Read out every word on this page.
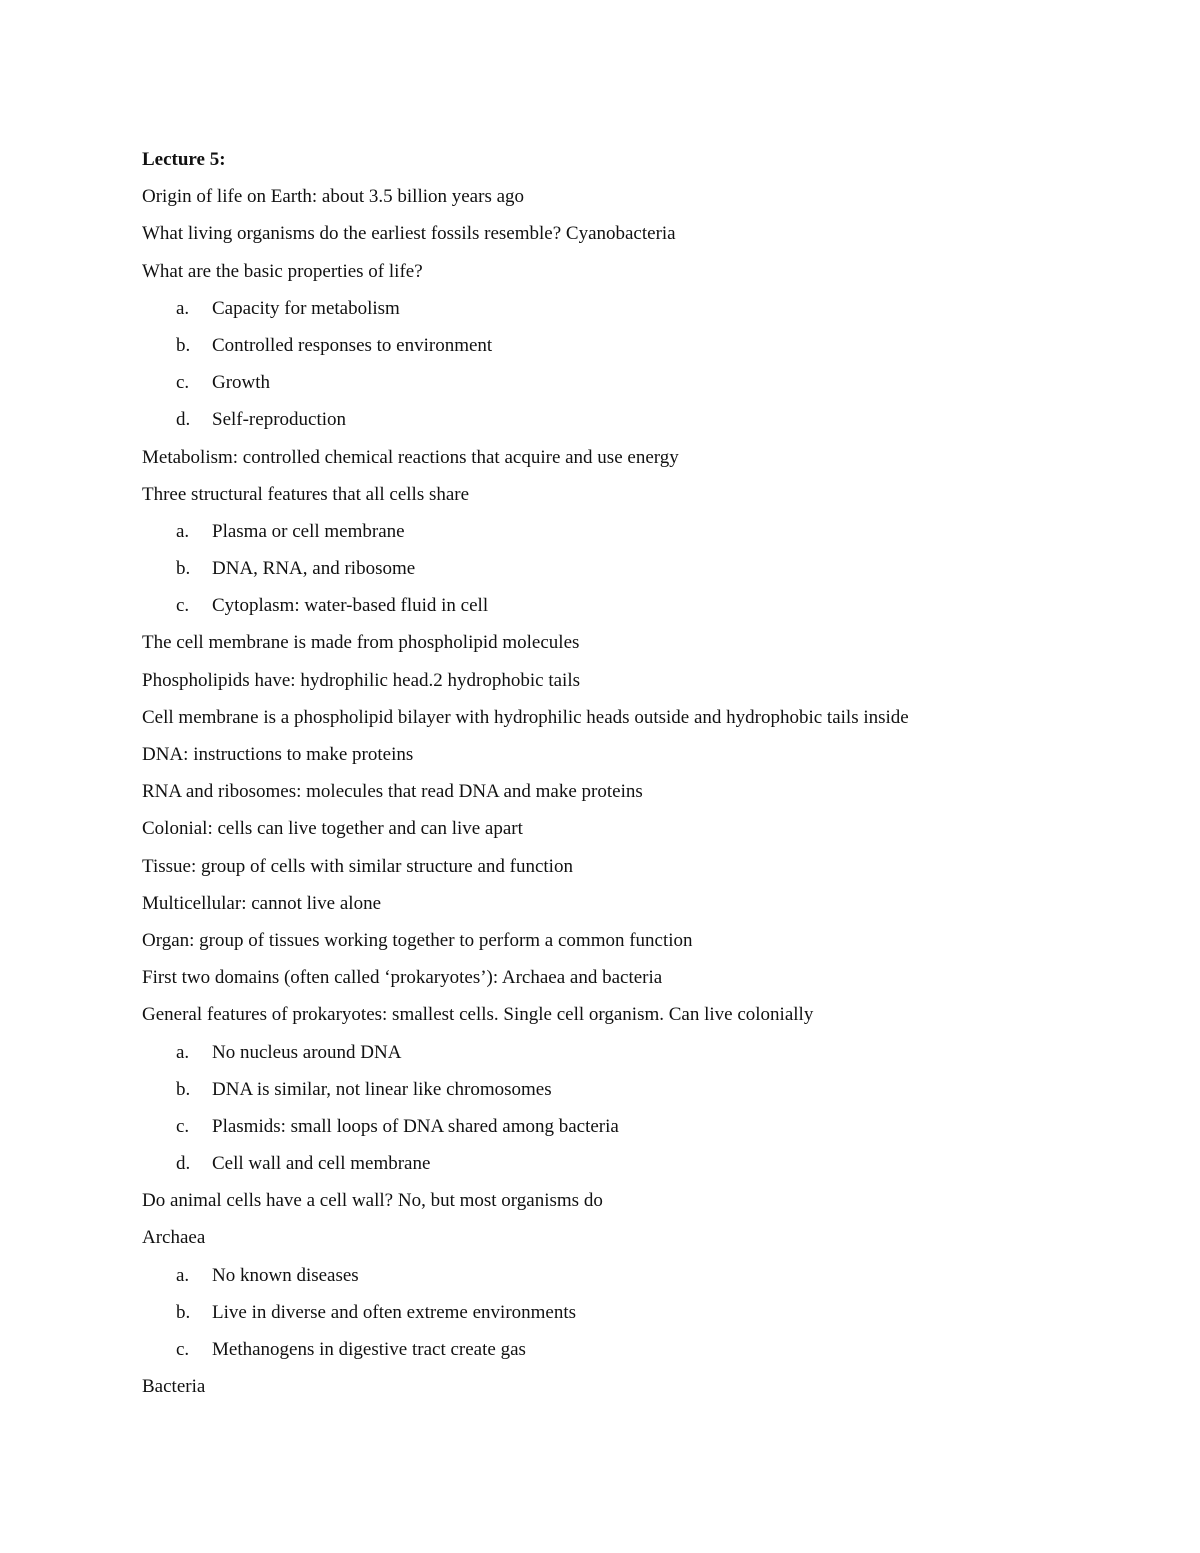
Lecture 5:
Origin of life on Earth: about 3.5 billion years ago
What living organisms do the earliest fossils resemble? Cyanobacteria
What are the basic properties of life?
a. Capacity for metabolism
b. Controlled responses to environment
c. Growth
d. Self-reproduction
Metabolism: controlled chemical reactions that acquire and use energy
Three structural features that all cells share
a. Plasma or cell membrane
b. DNA, RNA, and ribosome
c. Cytoplasm: water-based fluid in cell
The cell membrane is made from phospholipid molecules
Phospholipids have: hydrophilic head.2 hydrophobic tails
Cell membrane is a phospholipid bilayer with hydrophilic heads outside and hydrophobic tails inside
DNA: instructions to make proteins
RNA and ribosomes: molecules that read DNA and make proteins
Colonial: cells can live together and can live apart
Tissue: group of cells with similar structure and function
Multicellular: cannot live alone
Organ: group of tissues working together to perform a common function
First two domains (often called ‘prokaryotes’): Archaea and bacteria
General features of prokaryotes: smallest cells. Single cell organism. Can live colonially
a. No nucleus around DNA
b. DNA is similar, not linear like chromosomes
c. Plasmids: small loops of DNA shared among bacteria
d. Cell wall and cell membrane
Do animal cells have a cell wall? No, but most organisms do
Archaea
a. No known diseases
b. Live in diverse and often extreme environments
c. Methanogens in digestive tract create gas
Bacteria
